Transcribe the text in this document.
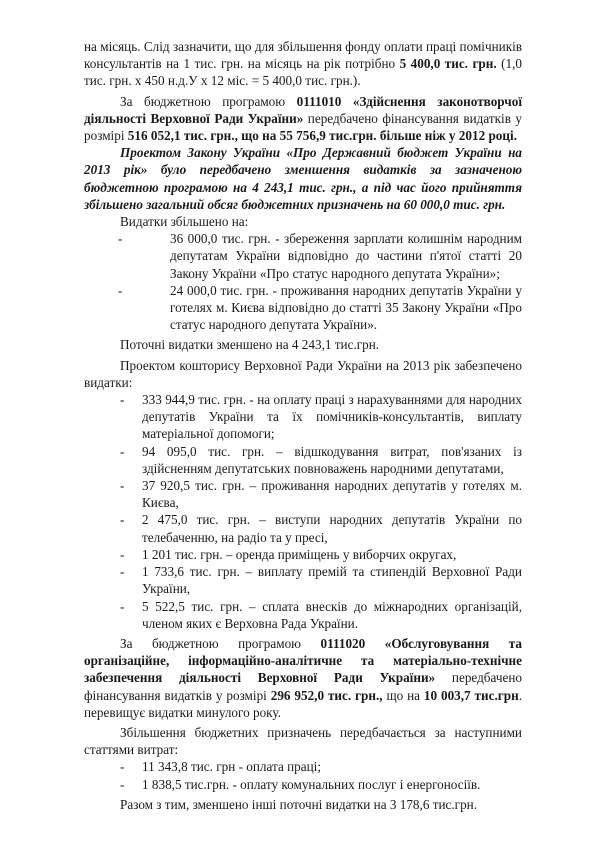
на місяць. Слід зазначити, що для збільшення фонду оплати праці помічників консультантів на 1 тис. грн. на місяць на рік потрібно 5 400,0 тис. грн. (1,0 тис. грн. х 450 н.д.У х 12 міс. = 5 400,0 тис. грн.).

За бюджетною програмою 0111010 «Здійснення законотворчої діяльності Верховної Ради України» передбачено фінансування видатків у розмірі 516 052,1 тис. грн., що на 55 756,9 тис.грн. більше ніж у 2012 році.

Проектом Закону України «Про Державний бюджет України на 2013 рік» було передбачено зменшення видатків за зазначеною бюджетною програмою на 4 243,1 тис. грн., а під час його прийняття збільшено загальний обсяг бюджетних призначень на 60 000,0 тис. грн.

Видатки збільшено на:

-	36 000,0 тис. грн. - збереження зарплати колишнім народним депутатам України відповідно до частини п'ятої статті 20 Закону України «Про статус народного депутата України»;
-	24 000,0 тис. грн. - проживання народних депутатів України у готелях м. Києва відповідно до статті 35 Закону України «Про статус народного депутата України».

Поточні видатки зменшено на 4 243,1 тис.грн.

Проектом кошторису Верховної Ради України на 2013 рік забезпечено видатки:

- 333 944,9 тис. грн. - на оплату праці з нарахуваннями для народних депутатів України та їх помічників-консультантів, виплату матеріальної допомоги;
- 94 095,0 тис. грн. – відшкодування витрат, пов'язаних із здійсненням депутатських повноважень народними депутатами,
- 37 920,5 тис. грн. – проживання народних депутатів у готелях м. Києва,
- 2 475,0 тис. грн. – виступи народних депутатів України по телебаченню, на радіо та у пресі,
- 1 201 тис. грн. – оренда приміщень у виборчих округах,
- 1 733,6 тис. грн. – виплату премій та стипендій Верховної Ради України,
- 5 522,5 тис. грн. – сплата внесків до міжнародних організацій, членом яких є Верховна Рада України.

За бюджетною програмою 0111020 «Обслуговування та організаційне, інформаційно-аналітичне та матеріально-технічне забезпечення діяльності Верховної Ради України» передбачено фінансування видатків у розмірі 296 952,0 тис. грн., що на 10 003,7 тис.грн. перевищує видатки минулого року.

Збільшення бюджетних призначень передбачається за наступними статтями витрат:

- 11 343,8 тис. грн - оплата праці;
- 1 838,5 тис.грн. - оплату комунальних послуг і енергоносіїв.

Разом з тим, зменшено інші поточні видатки на 3 178,6 тис.грн.
